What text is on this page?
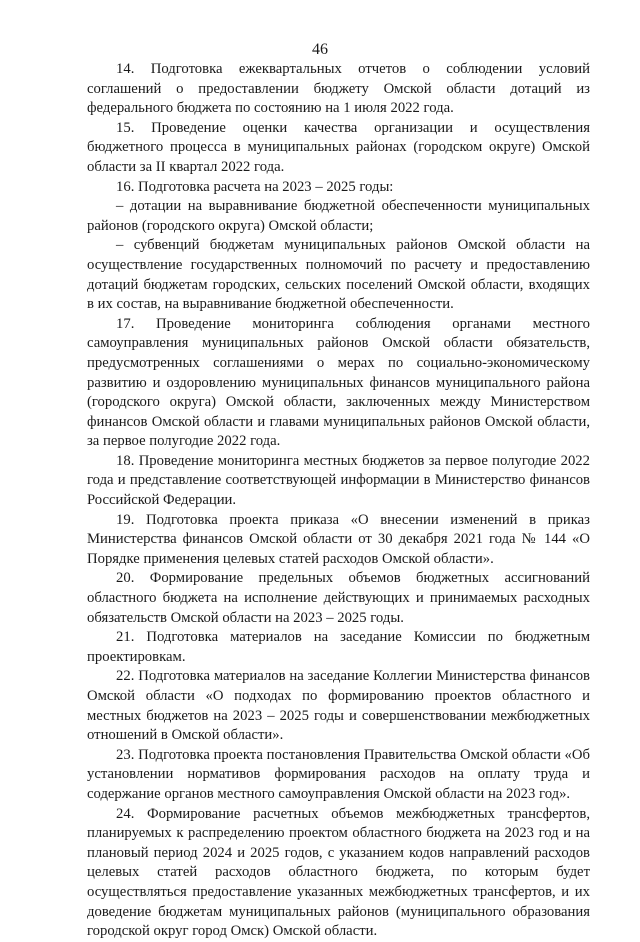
46

14. Подготовка ежеквартальных отчетов о соблюдении условий соглашений о предоставлении бюджету Омской области дотаций из федерального бюджета по состоянию на 1 июля 2022 года.

15. Проведение оценки качества организации и осуществления бюджетного процесса в муниципальных районах (городском округе) Омской области за II квартал 2022 года.

16. Подготовка расчета на 2023 – 2025 годы:

– дотации на выравнивание бюджетной обеспеченности муниципальных районов (городского округа) Омской области;

– субвенций бюджетам муниципальных районов Омской области на осуществление государственных полномочий по расчету и предоставлению дотаций бюджетам городских, сельских поселений Омской области, входящих в их состав, на выравнивание бюджетной обеспеченности.

17. Проведение мониторинга соблюдения органами местного самоуправления муниципальных районов Омской области обязательств, предусмотренных соглашениями о мерах по социально-экономическому развитию и оздоровлению муниципальных финансов муниципального района (городского округа) Омской области, заключенных между Министерством финансов Омской области и главами муниципальных районов Омской области, за первое полугодие 2022 года.

18. Проведение мониторинга местных бюджетов за первое полугодие 2022 года и представление соответствующей информации в Министерство финансов Российской Федерации.

19. Подготовка проекта приказа «О внесении изменений в приказ Министерства финансов Омской области от 30 декабря 2021 года № 144 «О Порядке применения целевых статей расходов Омской области».

20. Формирование предельных объемов бюджетных ассигнований областного бюджета на исполнение действующих и принимаемых расходных обязательств Омской области на 2023 – 2025 годы.

21. Подготовка материалов на заседание Комиссии по бюджетным проектировкам.

22. Подготовка материалов на заседание Коллегии Министерства финансов Омской области «О подходах по формированию проектов областного и местных бюджетов на 2023 – 2025 годы и совершенствовании межбюджетных отношений в Омской области».

23. Подготовка проекта постановления Правительства Омской области «Об установлении нормативов формирования расходов на оплату труда и содержание органов местного самоуправления Омской области на 2023 год».

24. Формирование расчетных объемов межбюджетных трансфертов, планируемых к распределению проектом областного бюджета на 2023 год и на плановый период 2024 и 2025 годов, с указанием кодов направлений расходов целевых статей расходов областного бюджета, по которым будет осуществляться предоставление указанных межбюджетных трансфертов, и их доведение бюджетам муниципальных районов (муниципального образования городской округ город Омск) Омской области.
